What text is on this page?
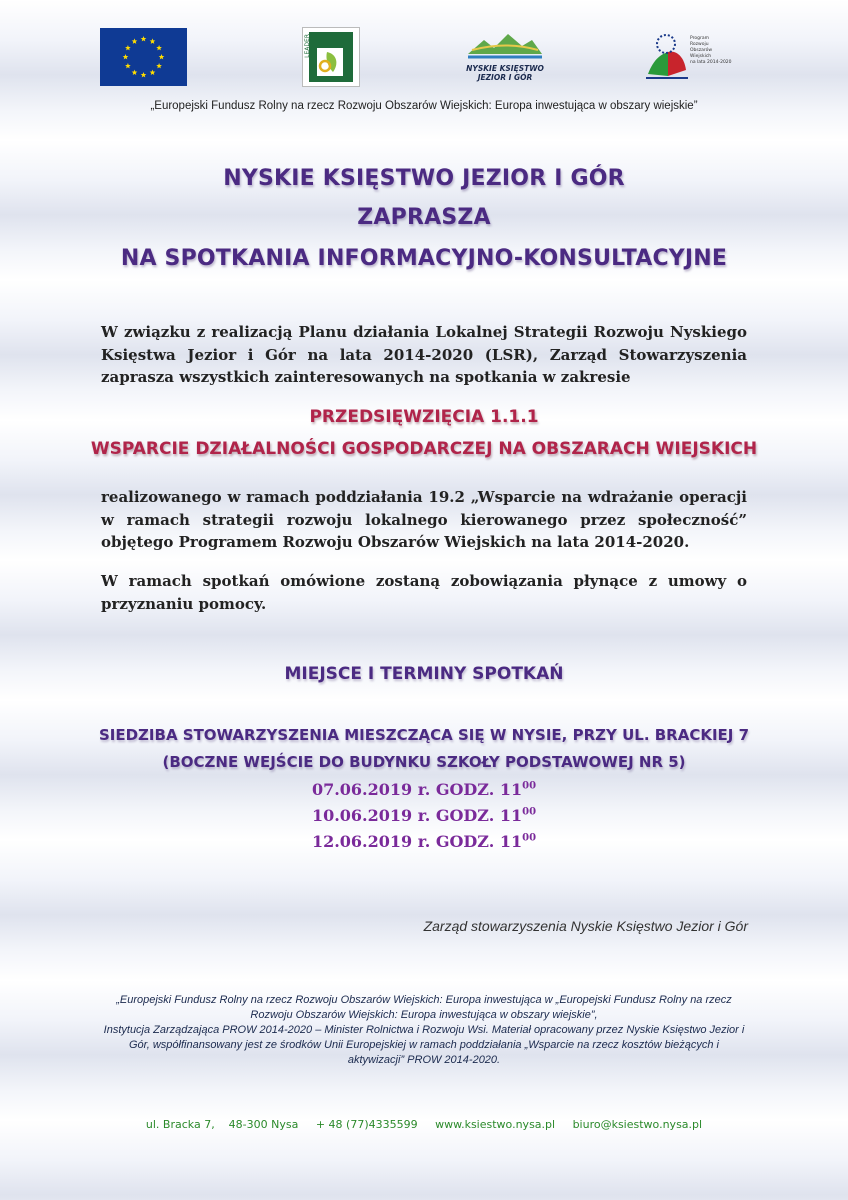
LEADER
NYSKIE KSIĘSTWO
JEZIOR I GÓR
Program
Rozwoju
Obszarów
Wiejskich
na lata 2014-2020
„Europejski Fundusz Rolny na rzecz Rozwoju Obszarów Wiejskich: Europa inwestująca w obszary wiejskie”
NYSKIE KSIĘSTWO JEZIOR I GÓR
ZAPRASZA
NA SPOTKANIA INFORMACYJNO-KONSULTACYJNE
W związku z realizacją Planu działania Lokalnej Strategii Rozwoju Nyskiego Księstwa Jezior i Gór na lata 2014-2020 (LSR), Zarząd Stowarzyszenia zaprasza wszystkich zainteresowanych na spotkania w zakresie
PRZEDSIĘWZIĘCIA 1.1.1
WSPARCIE DZIAŁALNOŚCI GOSPODARCZEJ NA OBSZARACH WIEJSKICH
realizowanego w ramach poddziałania 19.2 „Wsparcie na wdrażanie operacji w ramach strategii rozwoju lokalnego kierowanego przez społeczność” objętego Programem Rozwoju Obszarów Wiejskich na lata 2014-2020.
W ramach spotkań omówione zostaną zobowiązania płynące z umowy o przyznaniu pomocy.
MIEJSCE I TERMINY SPOTKAŃ
SIEDZIBA STOWARZYSZENIA MIESZCZĄCA SIĘ W NYSIE, PRZY UL. BRACKIEJ 7
(BOCZNE WEJŚCIE DO BUDYNKU SZKOŁY PODSTAWOWEJ NR 5)
07.06.2019 r. GODZ. $11^{00}$
10.06.2019 r. GODZ. $11^{00}$
12.06.2019 r. GODZ. $11^{00}$
Zarząd stowarzyszenia Nyskie Księstwo Jezior i Gór
„Europejski Fundusz Rolny na rzecz Rozwoju Obszarów Wiejskich: Europa inwestująca w „Europejski Fundusz Rolny na rzecz Rozwoju Obszarów Wiejskich: Europa inwestująca w obszary wiejskie”,
Instytucja Zarządzająca PROW 2014-2020 – Minister Rolnictwa i Rozwoju Wsi. Materiał opracowany przez Nyskie Księstwo Jezior i Gór, współfinansowany jest ze środków Unii Europejskiej w ramach poddziałania „Wsparcie na rzecz kosztów bieżących i aktywizacji” PROW 2014-2020.
ul. Bracka 7,    48-300 Nysa + 48 (77)4335599 www.ksiestwo.nysa.pl biuro@ksiestwo.nysa.pl
